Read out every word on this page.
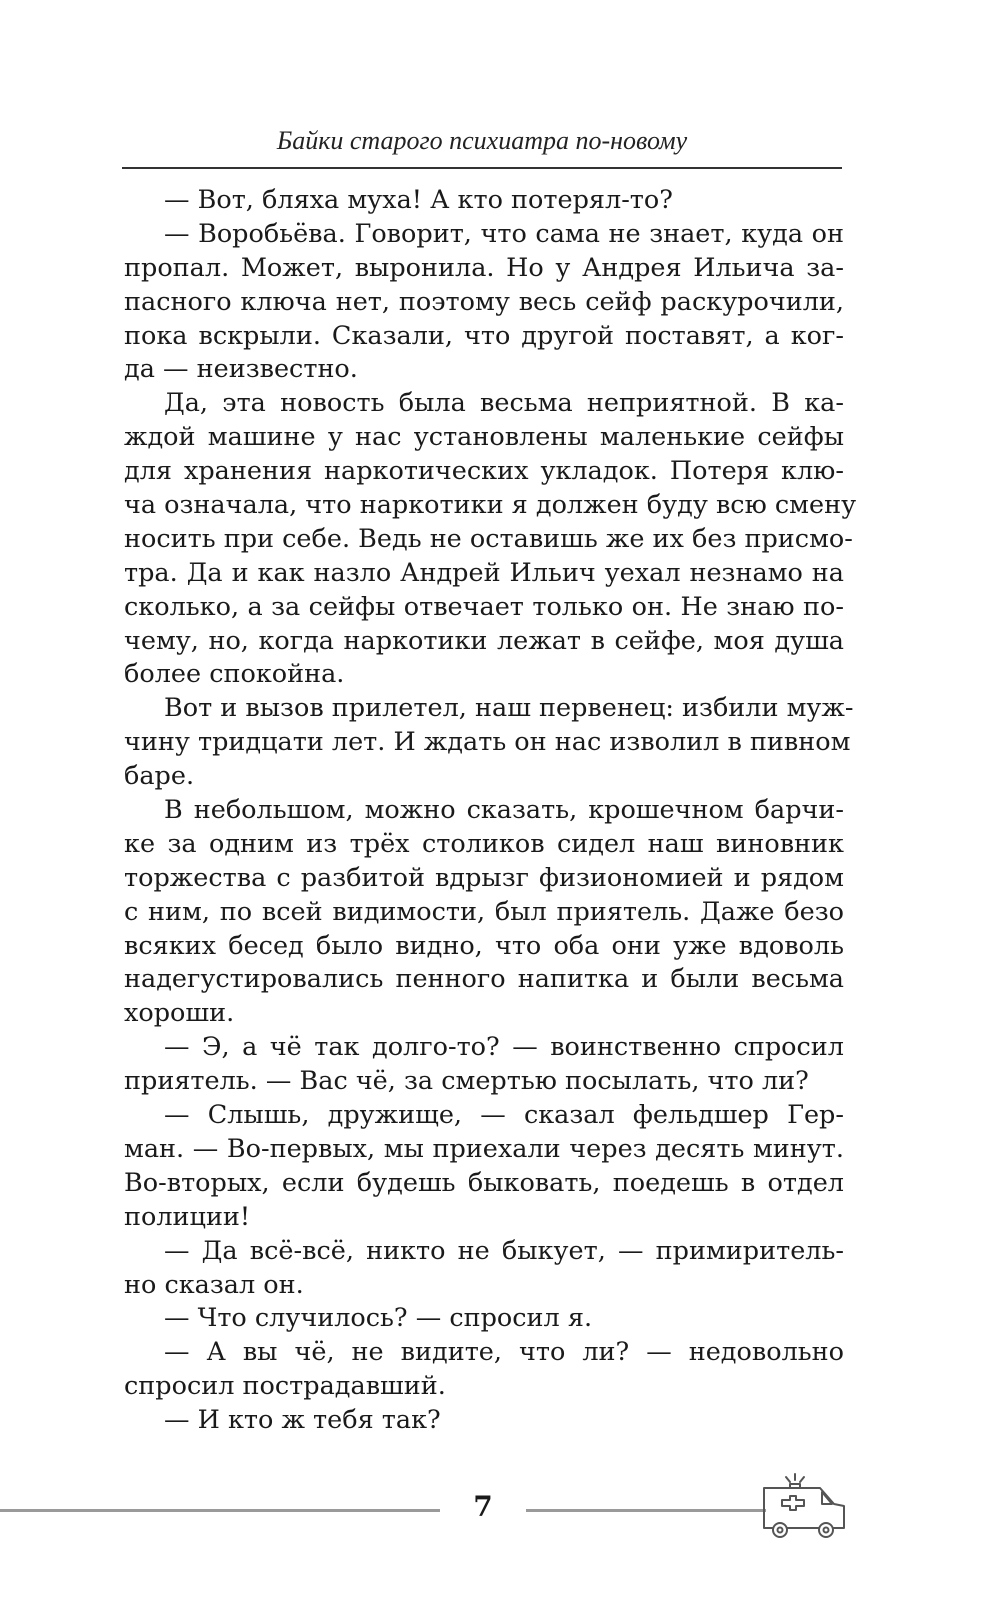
Байки старого психиатра по-новому
— Вот, бляха муха! А кто потерял-то?
— Воробьёва. Говорит, что сама не знает, куда он
пропал. Может, выронила. Но у Андрея Ильича за-
пасного ключа нет, поэтому весь сейф раскурочили,
пока вскрыли. Сказали, что другой поставят, а ког-
да — неизвестно.
Да, эта новость была весьма неприятной. В ка-
ждой машине у нас установлены маленькие сейфы
для хранения наркотических укладок. Потеря клю-
ча означала, что наркотики я должен буду всю смену
носить при себе. Ведь не оставишь же их без присмо-
тра. Да и как назло Андрей Ильич уехал незнамо на
сколько, а за сейфы отвечает только он. Не знаю по-
чему, но, когда наркотики лежат в сейфе, моя душа
более спокойна.
Вот и вызов прилетел, наш первенец: избили муж-
чину тридцати лет. И ждать он нас изволил в пивном
баре.
В небольшом, можно сказать, крошечном барчи-
ке за одним из трёх столиков сидел наш виновник
торжества с разбитой вдрызг физиономией и рядом
с ним, по всей видимости, был приятель. Даже безо
всяких бесед было видно, что оба они уже вдоволь
надегустировались пенного напитка и были весьма
хороши.
— Э, а чё так долго-то? — воинственно спросил
приятель. — Вас чё, за смертью посылать, что ли?
— Слышь, дружище, — сказал фельдшер Гер-
ман. — Во-первых, мы приехали через десять минут.
Во-вторых, если будешь быковать, поедешь в отдел
полиции!
— Да всё-всё, никто не быкует, — примиритель-
но сказал он.
— Что случилось? — спросил я.
— А вы чё, не видите, что ли? — недовольно
спросил пострадавший.
— И кто ж тебя так?
7
